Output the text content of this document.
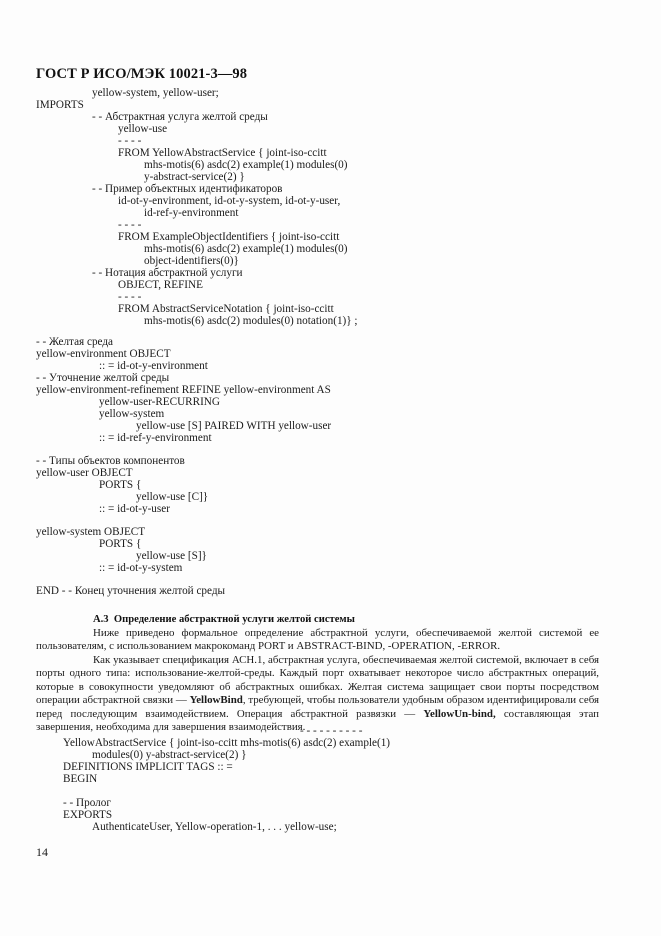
ГОСТ Р ИСО/МЭК 10021-3—98
yellow-system, yellow-user;
IMPORTS
- - Абстрактная услуга желтой среды
yellow-use
- - - -
FROM YellowAbstractService { joint-iso-ccitt
mhs-motis(6) asdc(2) example(1) modules(0)
y-abstract-service(2) }
- - Пример объектных идентификаторов
id-ot-y-environment, id-ot-y-system, id-ot-y-user,
id-ref-y-environment
- - - -
FROM ExampleObjectIdentifiers { joint-iso-ccitt
mhs-motis(6) asdc(2) example(1) modules(0)
object-identifiers(0)}
- - Нотация абстрактной услуги
OBJECT, REFINE
- - - -
FROM AbstractServiceNotation { joint-iso-ccitt
mhs-motis(6) asdc(2) modules(0) notation(1)} ;
- - Желтая среда
yellow-environment OBJECT
:: = id-ot-y-environment
- - Уточнение желтой среды
yellow-environment-refinement REFINE yellow-environment AS
yellow-user-RECURRING
yellow-system
yellow-use [S] PAIRED WITH yellow-user
:: = id-ref-y-environment
- - Типы объектов компонентов
yellow-user OBJECT
PORTS {
yellow-use [C]}
:: = id-ot-y-user
yellow-system OBJECT
PORTS {
yellow-use [S]}
:: = id-ot-y-system
END - - Конец уточнения желтой среды
А.3  Определение абстрактной услуги желтой системы
Ниже приведено формальное определение абстрактной услуги, обеспечиваемой желтой системой ее пользователям, с использованием макрокоманд PORT и ABSTRACT-BIND, -OPERATION, -ERROR.
Как указывает спецификация АСН.1, абстрактная услуга, обеспечиваемая желтой системой, включает в себя порты одного типа: использование-желтой-среды. Каждый порт охватывает некоторое число абстрактных операций, которые в совокупности уведомляют об абстрактных ошибках. Желтая система защищает свои порты посредством операции абстрактной связки — YellowBind, требующей, чтобы пользователи удобным образом идентифицировали себя перед последующим взаимодействием. Операция абстрактной развязки — YellowUn-bind, составляющая этап завершения, необходима для завершения взаимодействия.
- - - - - - - - - -
YellowAbstractService { joint-iso-ccitt mhs-motis(6) asdc(2) example(1)
modules(0) y-abstract-service(2) }
DEFINITIONS IMPLICIT TAGS :: =
BEGIN
- - Пролог
EXPORTS
AuthenticateUser, Yellow-operation-1, . . . yellow-use;
14
